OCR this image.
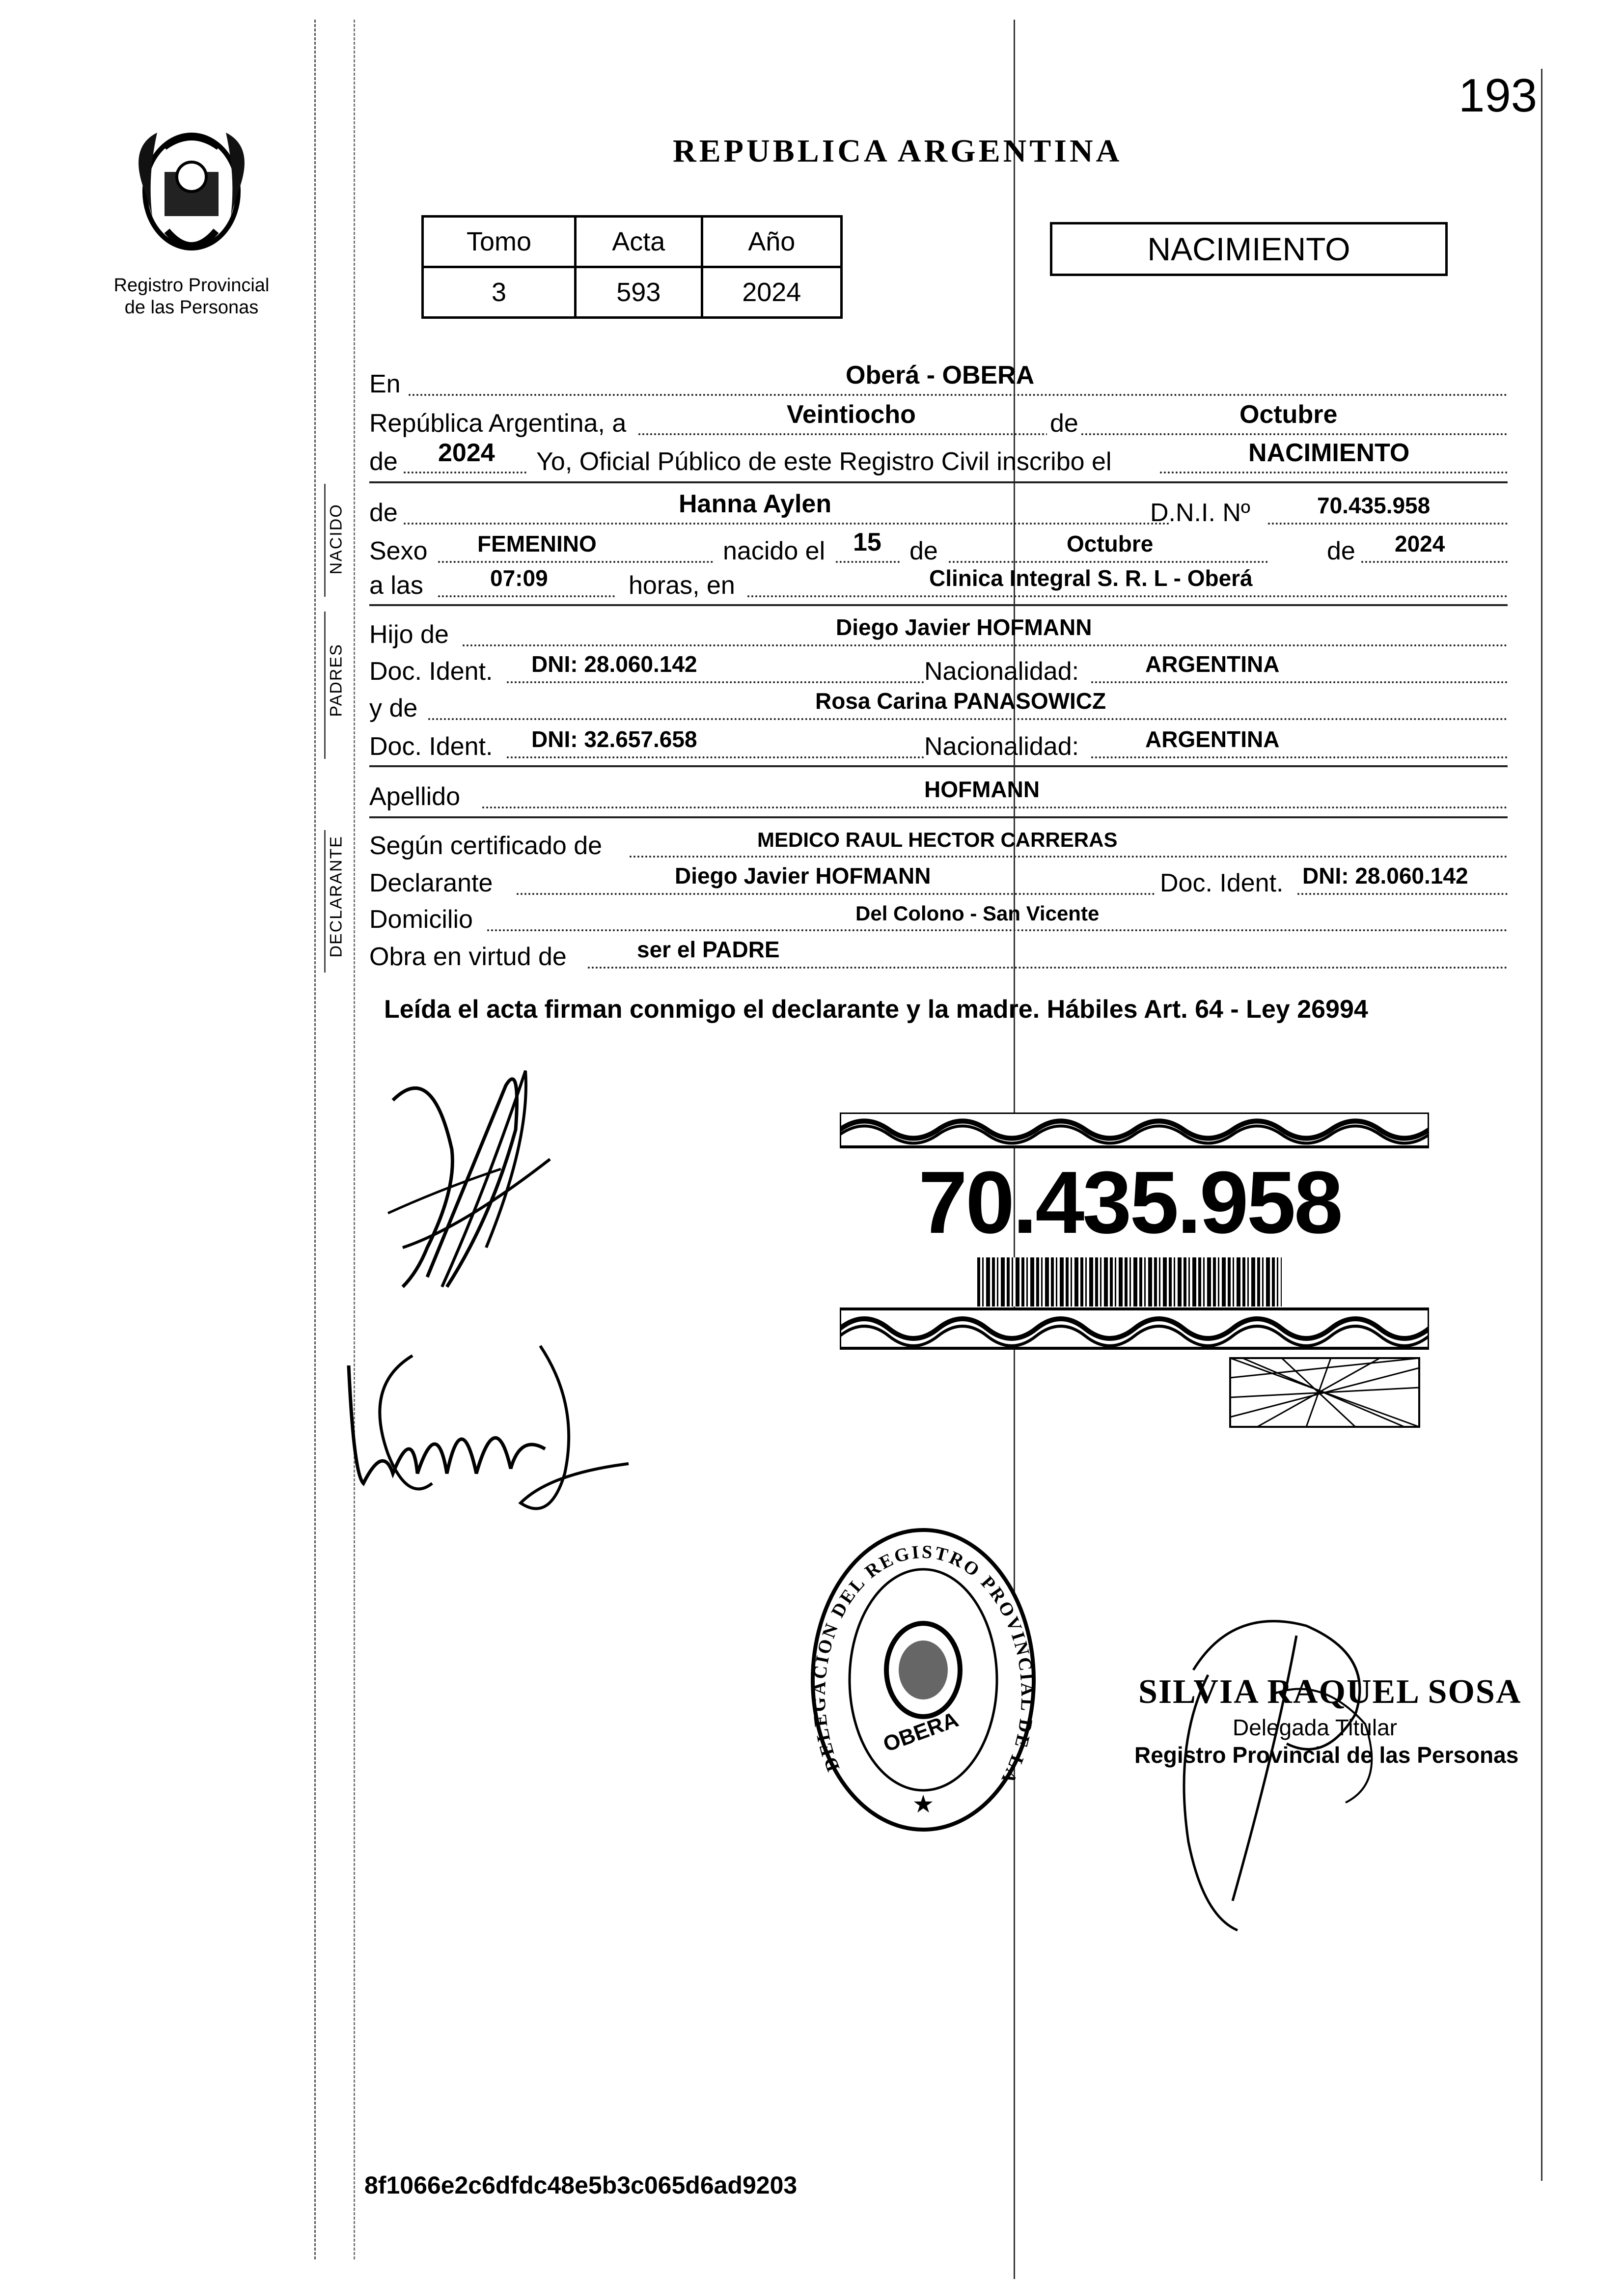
193
Registro Provincial
de las Personas
REPUBLICA ARGENTINA
Tomo	Acta	Año
3	593	2024
NACIMIENTO
NACIDO
PADRES
DECLARANTE
En	Oberá - OBERA
República Argentina, a	Veintiocho	de	Octubre
de 2024 Yo, Oficial Público de este Registro Civil inscribo el	NACIMIENTO
de	Hanna Aylen	D.N.I. Nº	70.435.958
Sexo FEMENINO	nacido el 15 de	Octubre	de 2024
a las	07:09	horas, en	Clinica Integral S. R. L - Oberá
Hijo de	Diego Javier HOFMANN
Doc. Ident. DNI: 28.060.142	Nacionalidad:	ARGENTINA
y de	Rosa Carina PANASOWICZ
Doc. Ident. DNI: 32.657.658	Nacionalidad:	ARGENTINA
Apellido	HOFMANN
Según certificado de	MEDICO RAUL HECTOR CARRERAS
Declarante	Diego Javier HOFMANN	Doc. Ident. DNI: 28.060.142
Domicilio	Del Colono - San Vicente
Obra en virtud de	ser el PADRE
Leída el acta firman conmigo el declarante y la madre. Hábiles Art. 64 - Ley 26994
70.435.958
OBERA
★
DELEGACION DEL REGISTRO PROVINCIAL DE LA
SILVIA RAQUEL SOSA
Delegada Titular
Registro Provincial de las Personas
8f1066e2c6dfdc48e5b3c065d6ad9203
